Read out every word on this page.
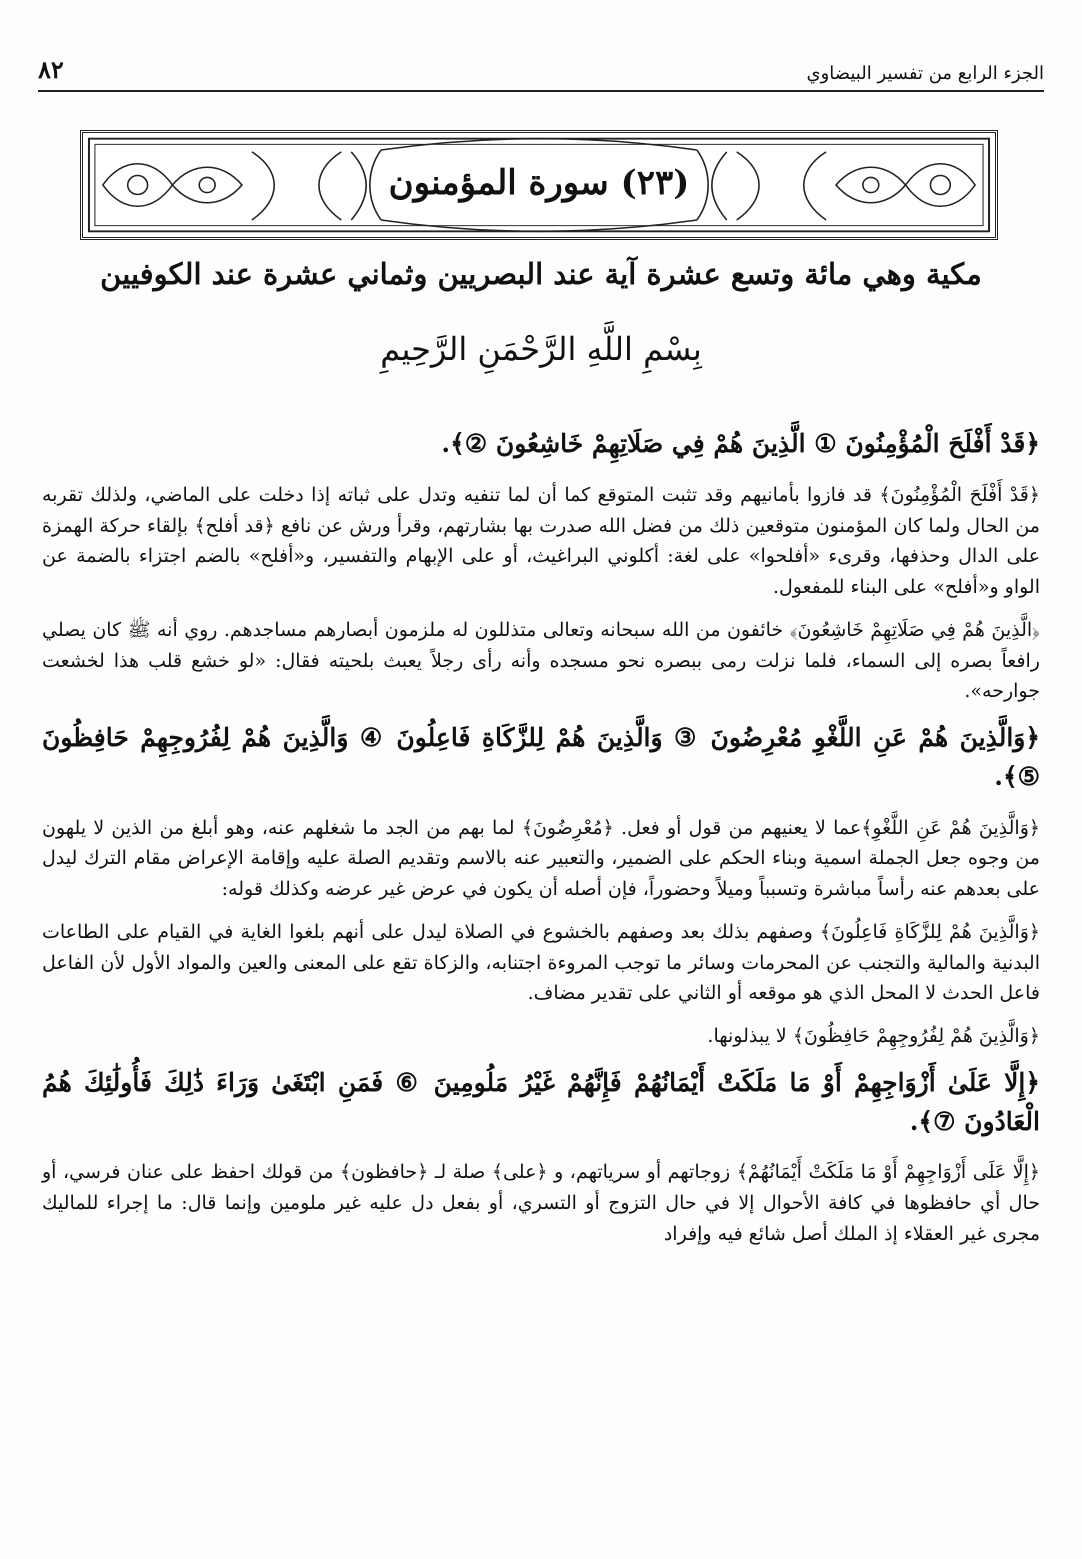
٨٢	الجزء الرابع من تفسير البيضاوي
(٢٣) سورة المؤمنون
مكية وهي مائة وتسع عشرة آية عند البصريين وثماني عشرة عند الكوفيين
بِسْمِ اللَّهِ الرَّحْمَنِ الرَّحِيمِ

﴿قَدْ أَفْلَحَ الْمُؤْمِنُونَ ① الَّذِينَ هُمْ فِي صَلَاتِهِمْ خَاشِعُونَ ②﴾.

﴿قَدْ أَفْلَحَ الْمُؤْمِنُونَ﴾ قد فازوا بأمانيهم وقد تثبت المتوقع كما أن لما تنفيه وتدل على ثباته إذا دخلت على الماضي، ولذلك تقربه من الحال ولما كان المؤمنون متوقعين ذلك من فضل الله صدرت بها بشارتهم، وقرأ ورش عن نافع ﴿قد أفلح﴾ بإلقاء حركة الهمزة على الدال وحذفها، وقرىء «أفلحوا» على لغة: أكلوني البراغيث، أو على الإبهام والتفسير، و«أفلح» بالضم اجتزاء بالضمة عن الواو و«أفلح» على البناء للمفعول.

﴿الَّذِينَ هُمْ فِي صَلَاتِهِمْ خَاشِعُونَ﴾ خائفون من الله سبحانه وتعالى متذللون له ملزمون أبصارهم مساجدهم. روي أنه ﷺ كان يصلي رافعاً بصره إلى السماء، فلما نزلت رمى ببصره نحو مسجده وأنه رأى رجلاً يعبث بلحيته فقال: «لو خشع قلب هذا لخشعت جوارحه».

﴿وَالَّذِينَ هُمْ عَنِ اللَّغْوِ مُعْرِضُونَ ③ وَالَّذِينَ هُمْ لِلزَّكَاةِ فَاعِلُونَ ④ وَالَّذِينَ هُمْ لِفُرُوجِهِمْ حَافِظُونَ ⑤﴾.

﴿وَالَّذِينَ هُمْ عَنِ اللَّغْوِ﴾عما لا يعنيهم من قول أو فعل. ﴿مُعْرِضُونَ﴾ لما بهم من الجد ما شغلهم عنه، وهو أبلغ من الذين لا يلهون من وجوه جعل الجملة اسمية وبناء الحكم على الضمير، والتعبير عنه بالاسم وتقديم الصلة عليه وإقامة الإعراض مقام الترك ليدل على بعدهم عنه رأساً مباشرة وتسبباً وميلاً وحضوراً، فإن أصله أن يكون في عرض غير عرضه وكذلك قوله:

﴿وَالَّذِينَ هُمْ لِلزَّكَاةِ فَاعِلُونَ﴾ وصفهم بذلك بعد وصفهم بالخشوع في الصلاة ليدل على أنهم بلغوا الغاية في القيام على الطاعات البدنية والمالية والتجنب عن المحرمات وسائر ما توجب المروءة اجتنابه، والزكاة تقع على المعنى والعين والمواد الأول لأن الفاعل فاعل الحدث لا المحل الذي هو موقعه أو الثاني على تقدير مضاف.

﴿وَالَّذِينَ هُمْ لِفُرُوجِهِمْ حَافِظُونَ﴾ لا يبذلونها.

﴿إِلَّا عَلَىٰ أَزْوَاجِهِمْ أَوْ مَا مَلَكَتْ أَيْمَانُهُمْ فَإِنَّهُمْ غَيْرُ مَلُومِينَ ⑥ فَمَنِ ابْتَغَىٰ وَرَاءَ ذَٰلِكَ فَأُولَٰئِكَ هُمُ الْعَادُونَ ⑦﴾.

﴿إِلَّا عَلَى أَزْوَاجِهِمْ أَوْ مَا مَلَكَتْ أَيْمَانُهُمْ﴾ زوجاتهم أو سرياتهم، و ﴿على﴾ صلة لـ ﴿حافظون﴾ من قولك احفظ على عنان فرسي، أو حال أي حافظوها في كافة الأحوال إلا في حال التزوج أو التسري، أو بفعل دل عليه غير ملومين وإنما قال: ما إجراء للماليك مجرى غير العقلاء إذ الملك أصل شائع فيه وإفراد
